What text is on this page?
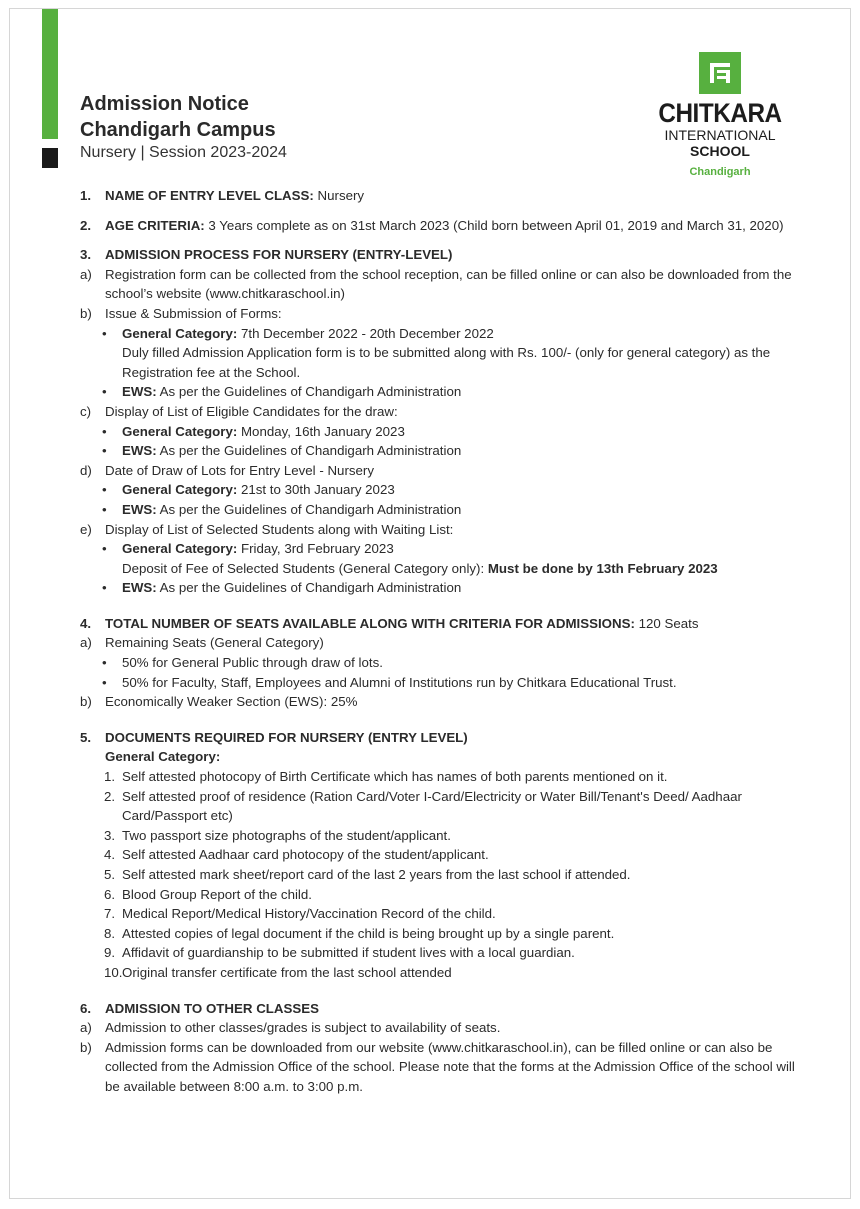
Admission Notice
Chandigarh Campus
Nursery | Session 2023-2024
CHITKARA
INTERNATIONAL
SCHOOL
Chandigarh
1. NAME OF ENTRY LEVEL CLASS: Nursery
2. AGE CRITERIA: 3 Years complete as on 31st March 2023 (Child born between April 01, 2019 and March 31, 2020)
3. ADMISSION PROCESS FOR NURSERY (ENTRY-LEVEL)
a) Registration form can be collected from the school reception, can be filled online or can also be downloaded from the school’s website (www.chitkaraschool.in)
b) Issue & Submission of Forms:
• General Category: 7th December 2022 - 20th December 2022
Duly filled Admission Application form is to be submitted along with Rs. 100/- (only for general category) as the Registration fee at the School.
• EWS: As per the Guidelines of Chandigarh Administration
c) Display of List of Eligible Candidates for the draw:
• General Category: Monday, 16th January 2023
• EWS: As per the Guidelines of Chandigarh Administration
d) Date of Draw of Lots for Entry Level - Nursery
• General Category: 21st to 30th January 2023
• EWS: As per the Guidelines of Chandigarh Administration
e) Display of List of Selected Students along with Waiting List:
• General Category: Friday, 3rd February 2023
Deposit of Fee of Selected Students (General Category only): Must be done by 13th February 2023
• EWS: As per the Guidelines of Chandigarh Administration
4. TOTAL NUMBER OF SEATS AVAILABLE ALONG WITH CRITERIA FOR ADMISSIONS: 120 Seats
a) Remaining Seats (General Category)
• 50% for General Public through draw of lots.
• 50% for Faculty, Staff, Employees and Alumni of Institutions run by Chitkara Educational Trust.
b) Economically Weaker Section (EWS): 25%
5. DOCUMENTS REQUIRED FOR NURSERY (ENTRY LEVEL)
General Category:
1. Self attested photocopy of Birth Certificate which has names of both parents mentioned on it.
2. Self attested proof of residence (Ration Card/Voter I-Card/Electricity or Water Bill/Tenant's Deed/ Aadhaar Card/Passport etc)
3. Two passport size photographs of the student/applicant.
4. Self attested Aadhaar card photocopy of the student/applicant.
5. Self attested mark sheet/report card of the last 2 years from the last school if attended.
6. Blood Group Report of the child.
7. Medical Report/Medical History/Vaccination Record of the child.
8. Attested copies of legal document if the child is being brought up by a single parent.
9. Affidavit of guardianship to be submitted if student lives with a local guardian.
10. Original transfer certificate from the last school attended
6. ADMISSION TO OTHER CLASSES
a) Admission to other classes/grades is subject to availability of seats.
b) Admission forms can be downloaded from our website (www.chitkaraschool.in), can be filled online or can also be collected from the Admission Office of the school. Please note that the forms at the Admission Office of the school will be available between 8:00 a.m. to 3:00 p.m.
